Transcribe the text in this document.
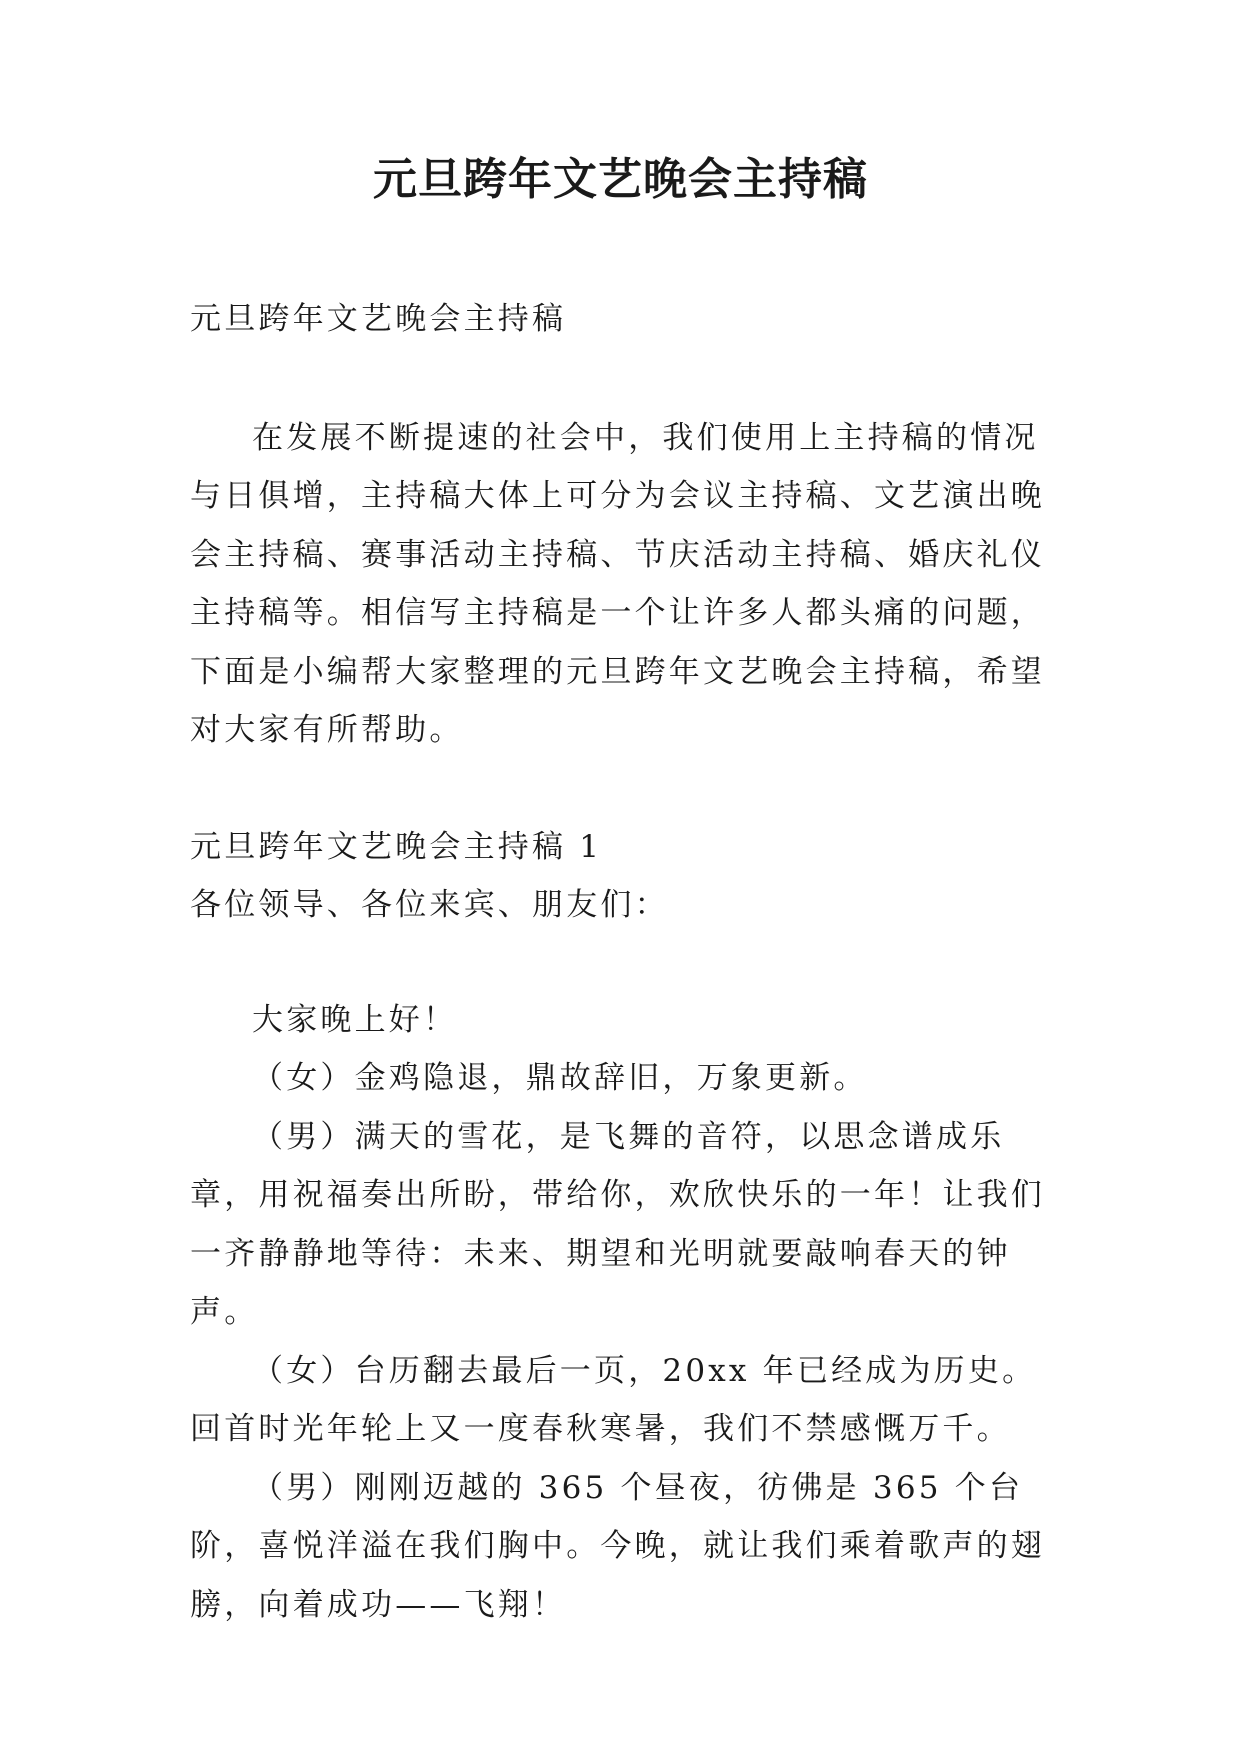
元旦跨年文艺晚会主持稿

元旦跨年文艺晚会主持稿

在发展不断提速的社会中，我们使用上主持稿的情况与日俱增，主持稿大体上可分为会议主持稿、文艺演出晚会主持稿、赛事活动主持稿、节庆活动主持稿、婚庆礼仪主持稿等。相信写主持稿是一个让许多人都头痛的问题，下面是小编帮大家整理的元旦跨年文艺晚会主持稿，希望对大家有所帮助。

元旦跨年文艺晚会主持稿 1

各位领导、各位来宾、朋友们：

大家晚上好！

（女）金鸡隐退，鼎故辞旧，万象更新。

（男）满天的雪花，是飞舞的音符，以思念谱成乐章，用祝福奏出所盼，带给你，欢欣快乐的一年！让我们一齐静静地等待：未来、期望和光明就要敲响春天的钟声。

（女）台历翻去最后一页，20xx 年已经成为历史。回首时光年轮上又一度春秋寒暑，我们不禁感慨万千。

（男）刚刚迈越的 365 个昼夜，彷佛是 365 个台阶，喜悦洋溢在我们胸中。今晚，就让我们乘着歌声的翅膀，向着成功——飞翔！
